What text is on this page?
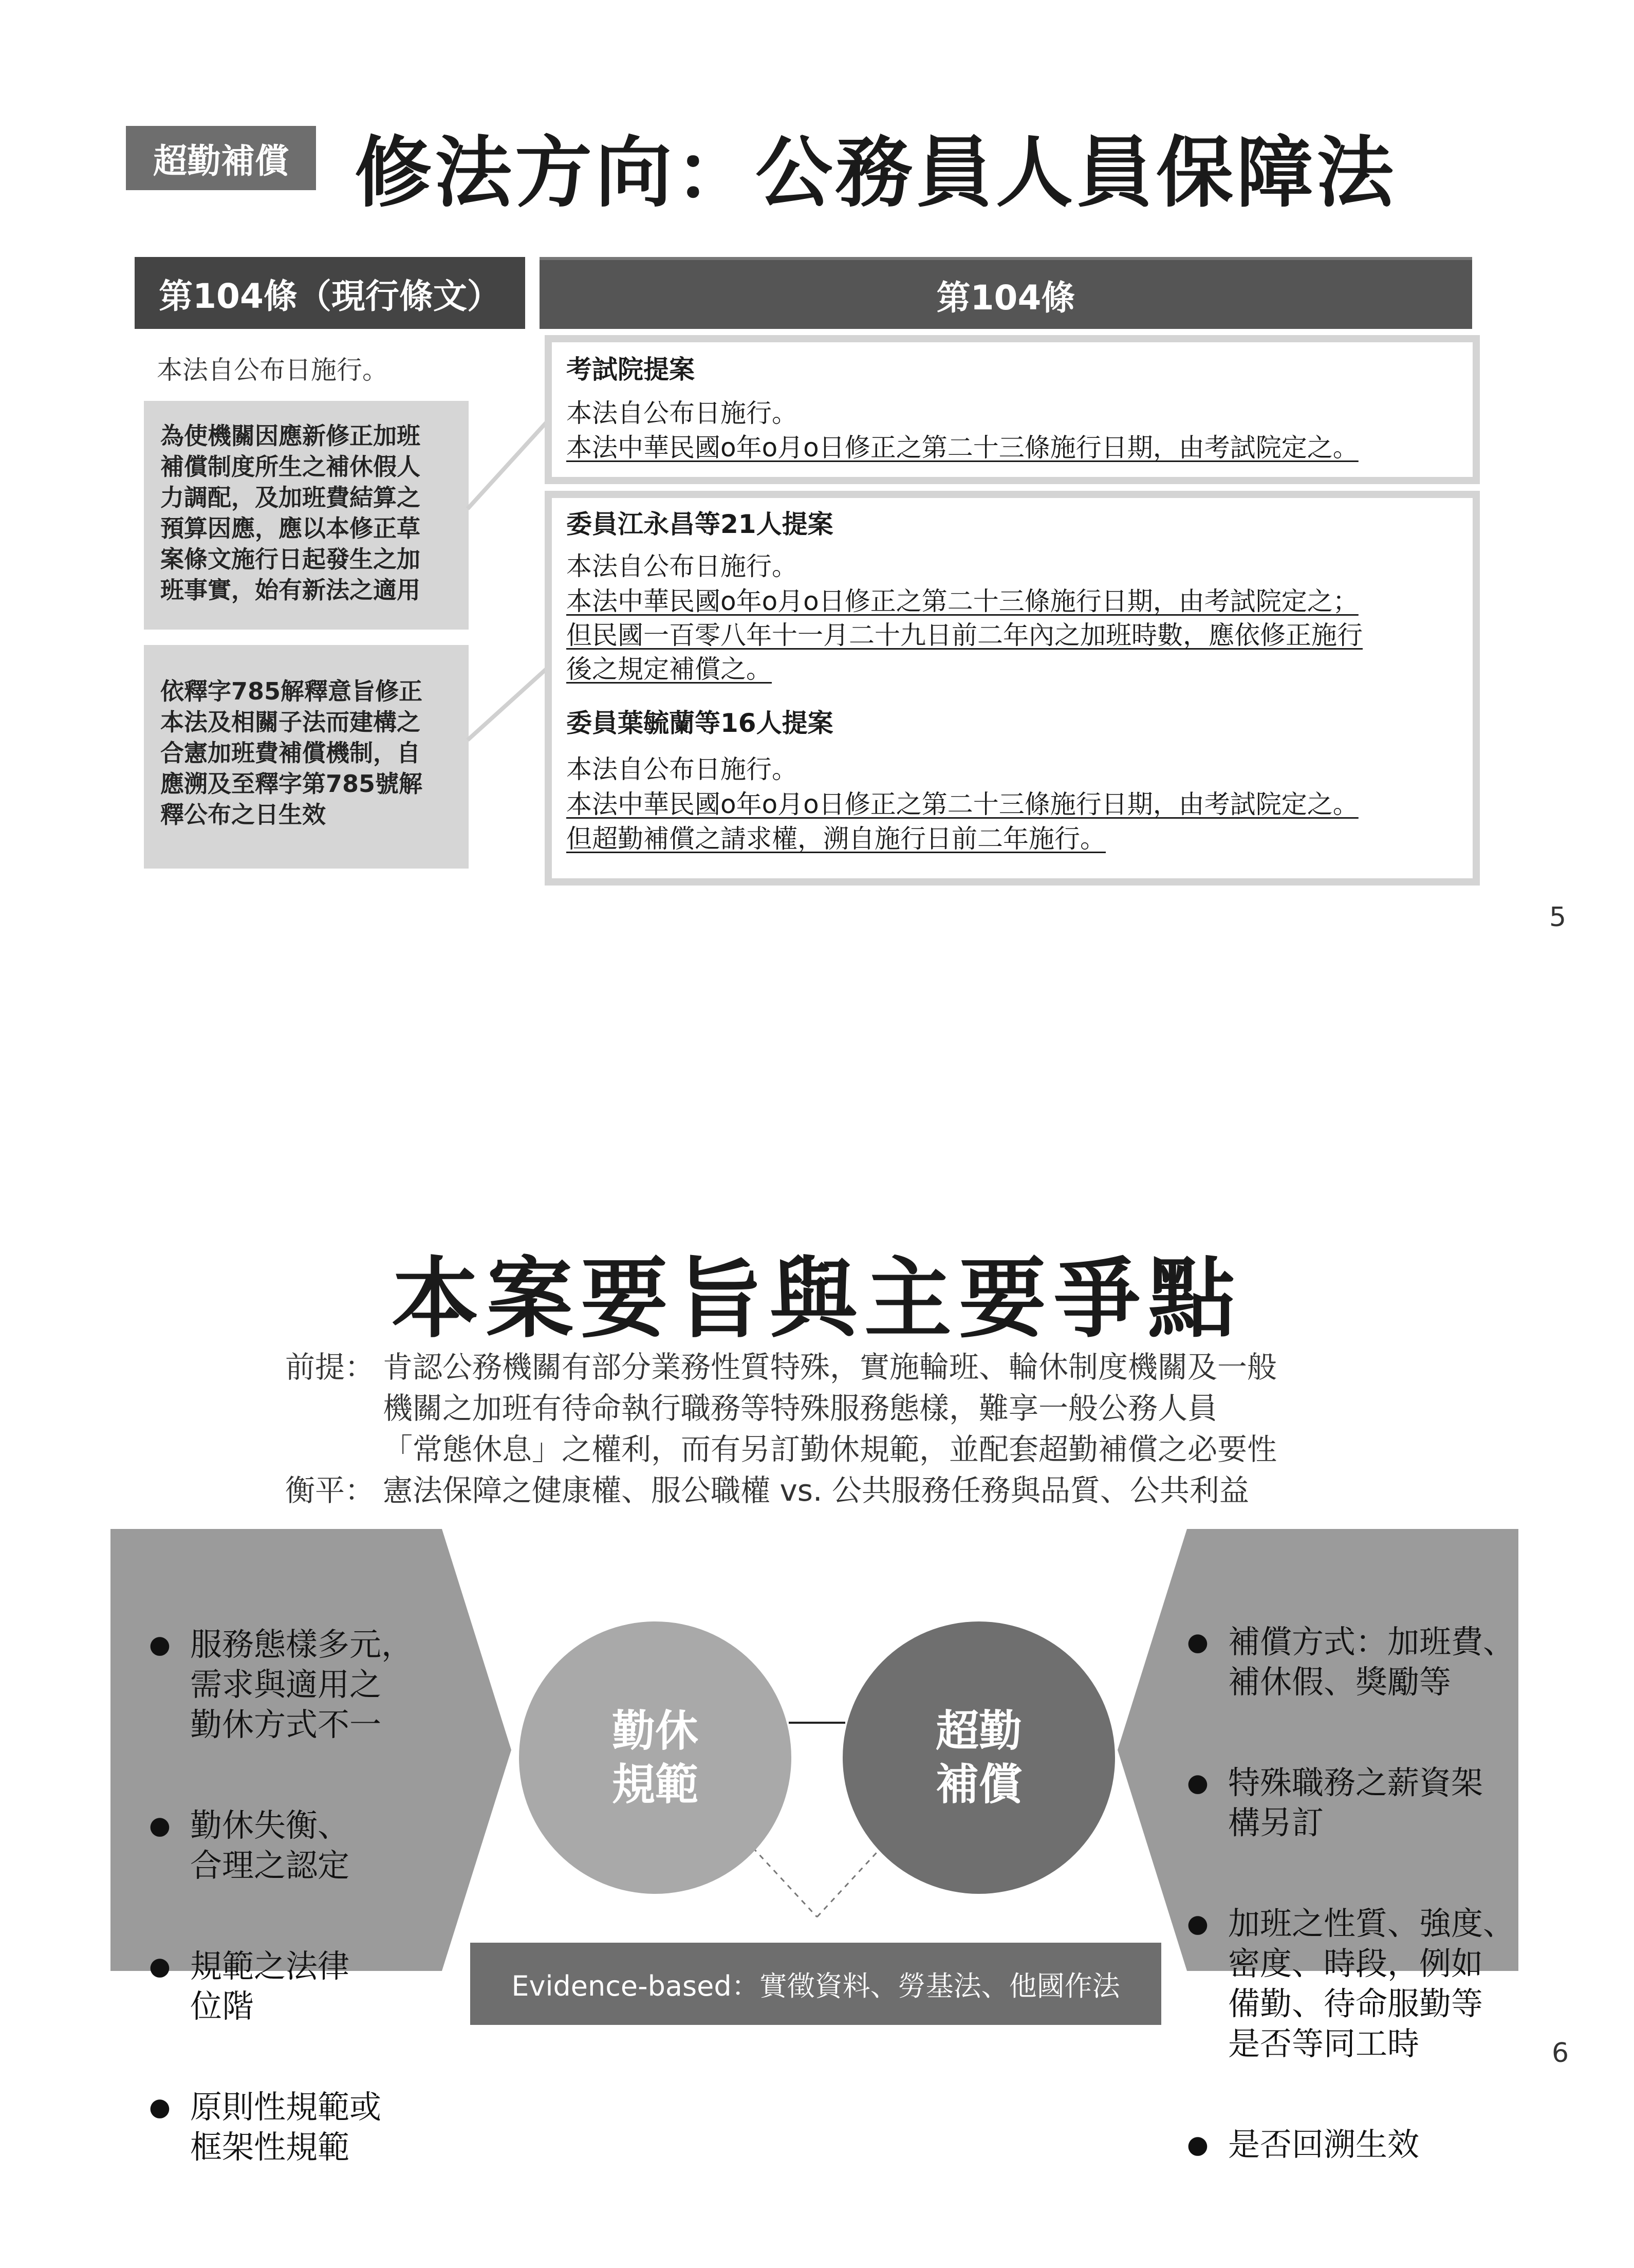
超勤補償 修法方向：公務員人員保障法
第104條（現行條文）	第104條
本法自公布日施行。
為使機關因應新修正加班
補償制度所生之補休假人
力調配，及加班費結算之
預算因應，應以本修正草
案條文施行日起發生之加
班事實，始有新法之適用
依釋字785解釋意旨修正
本法及相關子法而建構之
合憲加班費補償機制，自
應溯及至釋字第785號解
釋公布之日生效
考試院提案
本法自公布日施行。
本法中華民國o年o月o日修正之第二十三條施行日期，由考試院定之。
委員江永昌等21人提案
本法自公布日施行。
本法中華民國o年o月o日修正之第二十三條施行日期，由考試院定之；
但民國一百零八年十一月二十九日前二年內之加班時數，應依修正施行
後之規定補償之。
委員葉毓蘭等16人提案
本法自公布日施行。
本法中華民國o年o月o日修正之第二十三條施行日期，由考試院定之。
但超勤補償之請求權，溯自施行日前二年施行。
5
本案要旨與主要爭點
前提： 肯認公務機關有部分業務性質特殊，實施輪班、輪休制度機關及一般
機關之加班有待命執行職務等特殊服務態樣，難享一般公務人員
「常態休息」之權利，而有另訂勤休規範，並配套超勤補償之必要性
衡平： 憲法保障之健康權、服公職權 vs. 公共服務任務與品質、公共利益

● 服務態樣多元，
需求與適用之
勤休方式不一

● 勤休失衡、
合理之認定

● 規範之法律
位階

● 原則性規範或
框架性規範

● 補償方式：加班費、
補休假、獎勵等

● 特殊職務之薪資架
構另訂

● 加班之性質、強度、
密度、時段，例如
備勤、待命服勤等
是否等同工時

● 是否回溯生效

勤休
規範
超勤
補償
Evidence-based：實徵資料、勞基法、他國作法
6
